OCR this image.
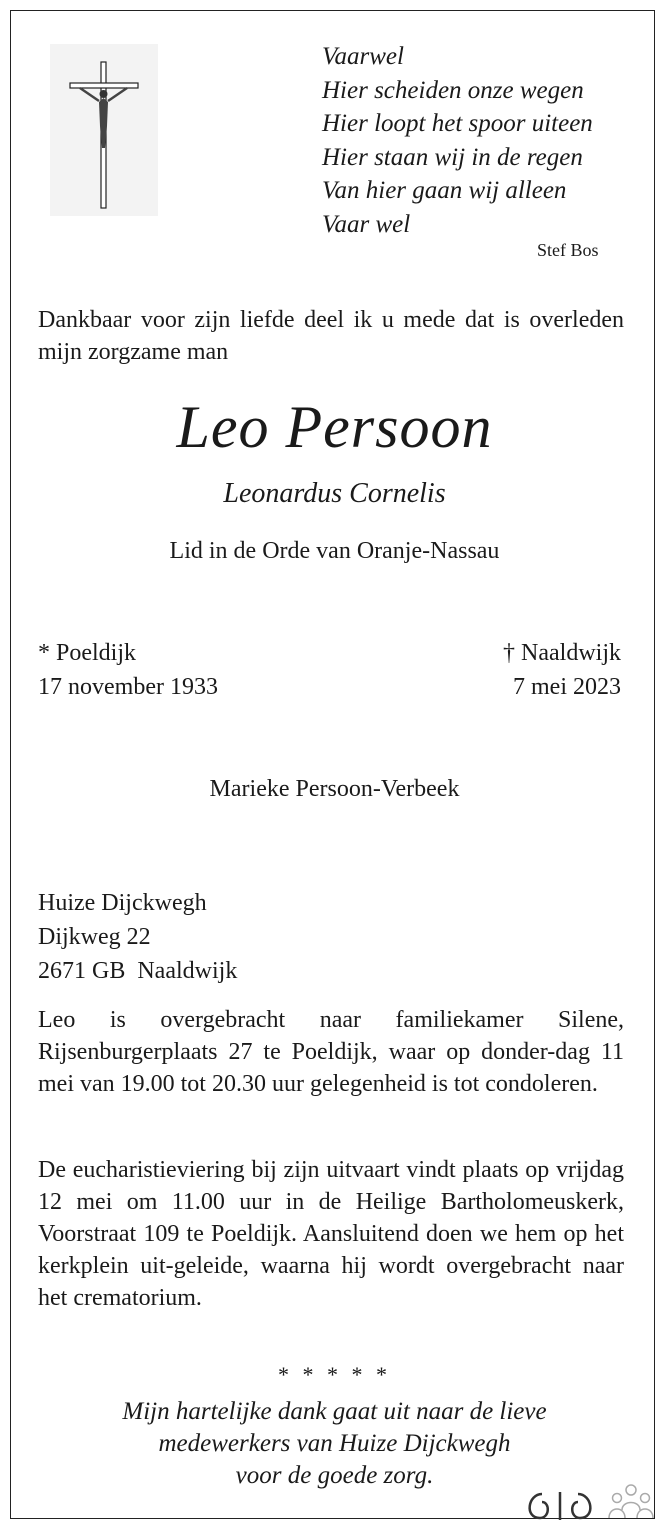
Vaarwel
Hier scheiden onze wegen
Hier loopt het spoor uiteen
Hier staan wij in de regen
Van hier gaan wij alleen
Vaar wel
Stef Bos
Dankbaar voor zijn liefde deel ik u mede dat is overleden mijn zorgzame man
Leo Persoon
Leonardus Cornelis
Lid in de Orde van Oranje-Nassau
* Poeldijk
17 november 1933
† Naaldwijk
7 mei 2023
Marieke Persoon-Verbeek
Huize Dijckwegh
Dijkweg 22
2671 GB  Naaldwijk
Leo is overgebracht naar familiekamer Silene, Rijsenburgerplaats 27 te Poeldijk, waar op donder-dag 11 mei van 19.00 tot 20.30 uur gelegenheid is tot condoleren.
De eucharistieviering bij zijn uitvaart vindt plaats op vrijdag 12 mei om 11.00 uur in de Heilige Bartholomeuskerk, Voorstraat 109 te Poeldijk. Aansluitend doen we hem op het kerkplein uit-geleide, waarna hij wordt overgebracht naar het crematorium.
* * * * *
Mijn hartelijke dank gaat uit naar de lieve
medewerkers van Huize Dijckwegh
voor de goede zorg.
